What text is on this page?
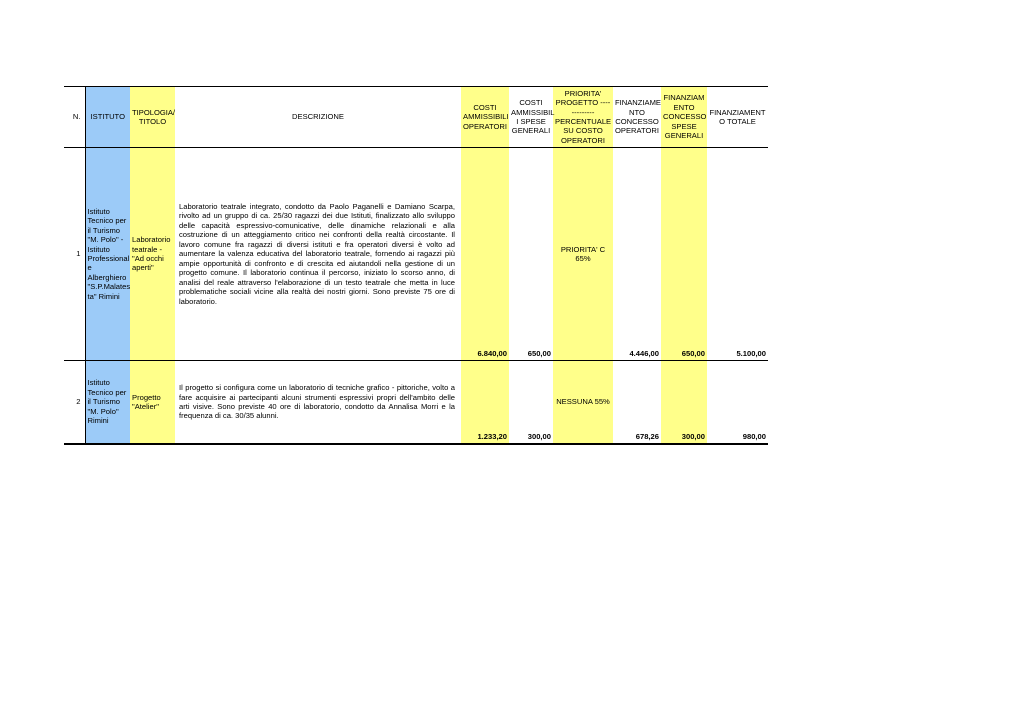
N.	ISTITUTO	TIPOLOGIA/ TITOLO	DESCRIZIONE	COSTI AMMISSIBILI OPERATORI	COSTI AMMISSIBIL I SPESE GENERALI	PRIORITA' PROGETTO ------------- PERCENTUALE SU COSTO OPERATORI	FINANZIAME NTO CONCESSO OPERATORI	FINANZIAM ENTO CONCESSO SPESE GENERALI	FINANZIAMENT O TOTALE
1	Istituto Tecnico per il Turismo "M. Polo" - Istituto Professional e Alberghiero "S.P.Malates ta" Rimini	Laboratorio teatrale - "Ad occhi aperti"	Laboratorio teatrale integrato, condotto da Paolo Paganelli e Damiano Scarpa, rivolto ad un gruppo di ca. 25/30 ragazzi dei due Istituti, finalizzato allo sviluppo delle capacità espressivo-comunicative, delle dinamiche relazionali e alla costruzione di un atteggiamento critico nei confronti della realtà circostante. Il lavoro comune fra ragazzi di diversi istituti e fra operatori diversi è volto ad aumentare la valenza educativa del laboratorio teatrale, fornendo ai ragazzi più ampie opportunità di confronto e di crescita ed aiutandoli nella gestione di un progetto comune. Il laboratorio continua il percorso, iniziato lo scorso anno, di analisi del reale attraverso l'elaborazione di un testo teatrale che metta in luce problematiche sociali vicine alla realtà dei nostri giorni. Sono previste 75 ore di laboratorio.	6.840,00	650,00	PRIORITA' C 65%	4.446,00	650,00	5.100,00
2	Istituto Tecnico per il Turismo "M. Polo" Rimini	Progetto "Atelier"	Il progetto si configura come un laboratorio di tecniche grafico - pittoriche, volto a fare acquisire ai partecipanti alcuni strumenti espressivi propri dell'ambito delle arti visive. Sono previste 40 ore di laboratorio, condotto da Annalisa Morri e la frequenza di ca. 30/35 alunni.	1.233,20	300,00	NESSUNA 55%	678,26	300,00	980,00
